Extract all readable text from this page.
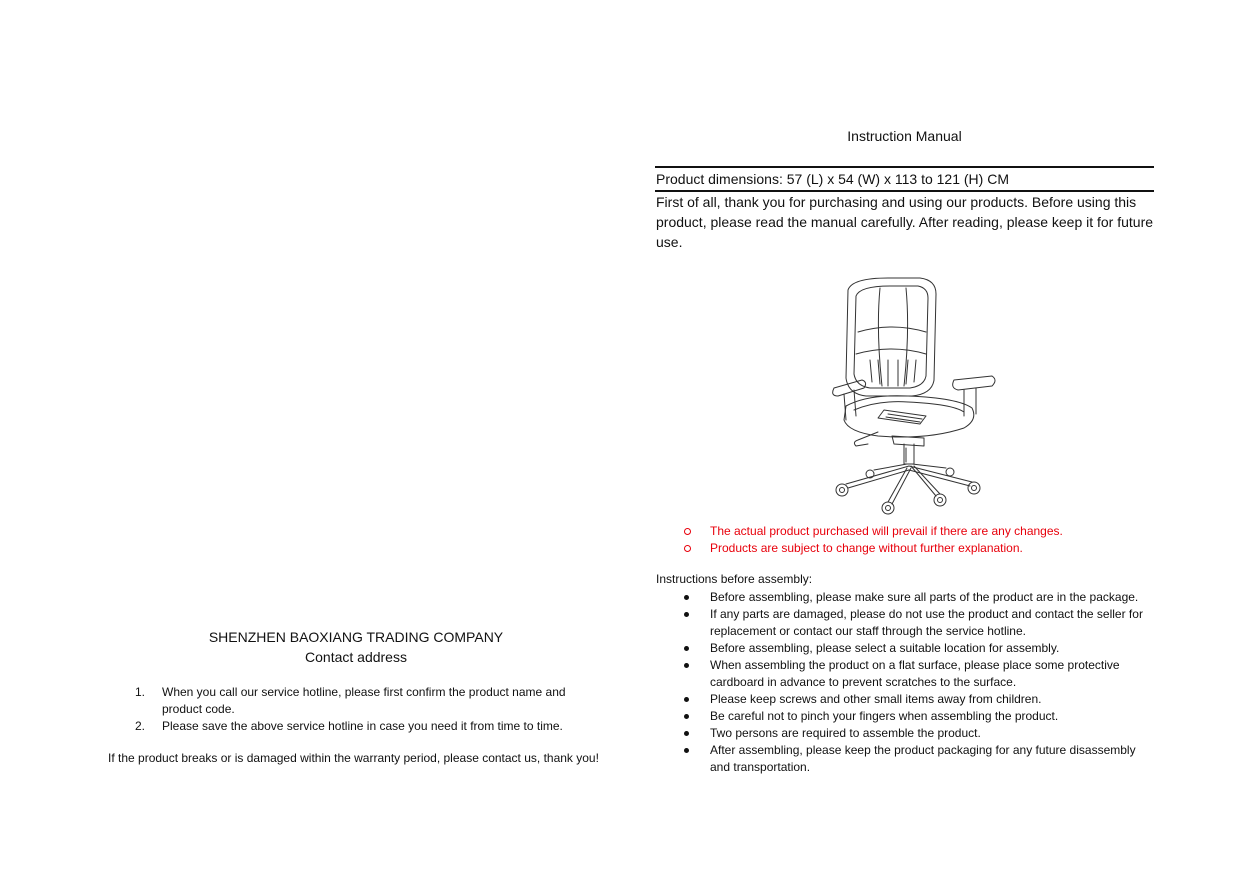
SHENZHEN BAOXIANG TRADING COMPANY
Contact address
1. When you call our service hotline, please first confirm the product name and product code.
2. Please save the above service hotline in case you need it from time to time.
If the product breaks or is damaged within the warranty period, please contact us, thank you!
Instruction Manual
Product dimensions: 57 (L) x 54 (W) x 113 to 121 (H) CM
First of all, thank you for purchasing and using our products. Before using this product, please read the manual carefully. After reading, please keep it for future use.
The actual product purchased will prevail if there are any changes.
Products are subject to change without further explanation.
Instructions before assembly:
Before assembling, please make sure all parts of the product are in the package.
If any parts are damaged, please do not use the product and contact the seller for replacement or contact our staff through the service hotline.
Before assembling, please select a suitable location for assembly.
When assembling the product on a flat surface, please place some protective cardboard in advance to prevent scratches to the surface.
Please keep screws and other small items away from children.
Be careful not to pinch your fingers when assembling the product.
Two persons are required to assemble the product.
After assembling, please keep the product packaging for any future disassembly and transportation.
